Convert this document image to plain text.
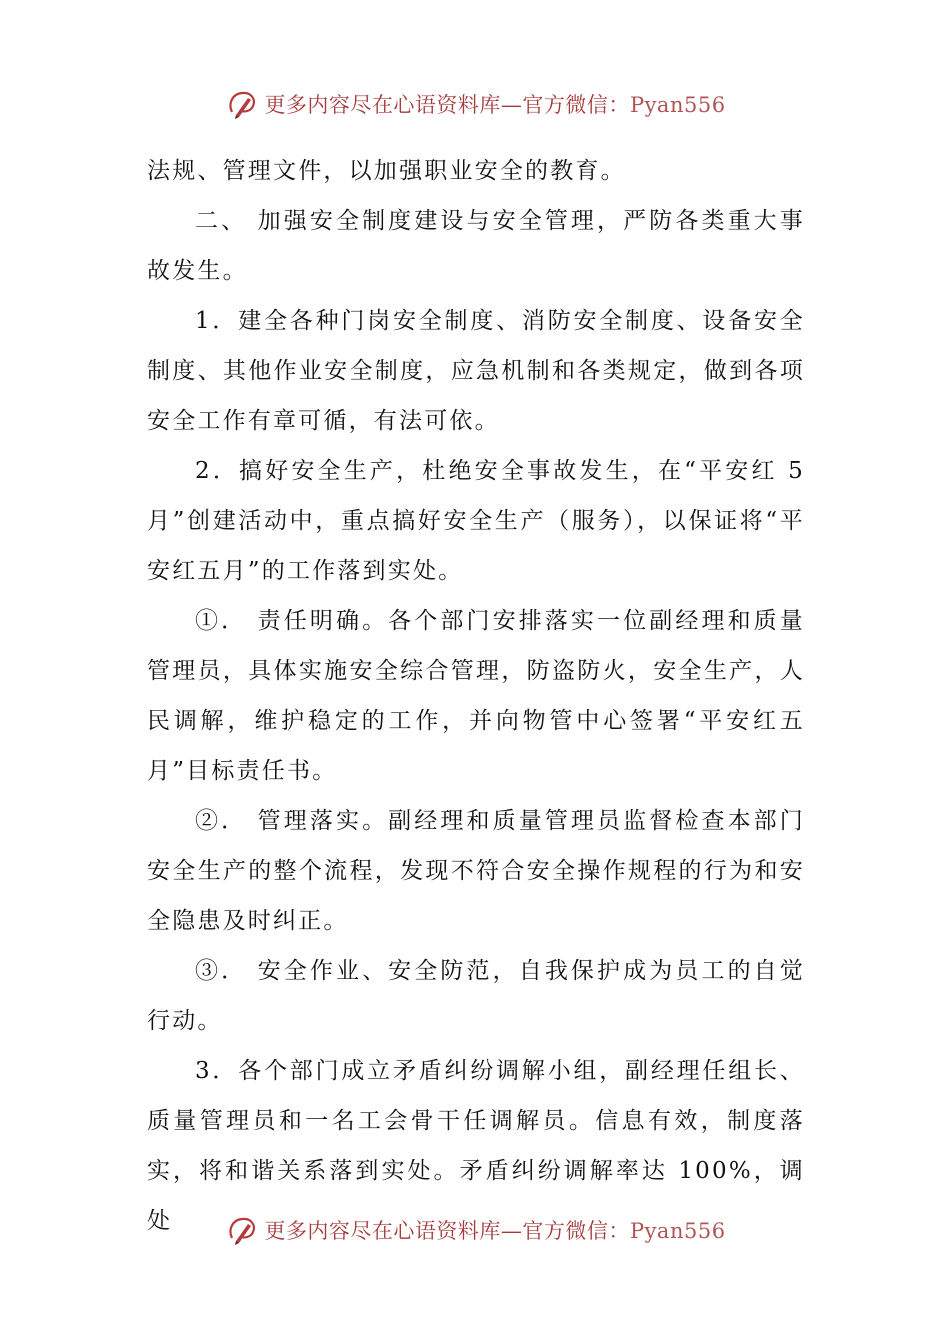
更多内容尽在心语资料库—官方微信：Pyan556

法规、管理文件，以加强职业安全的教育。

二、 加强安全制度建设与安全管理，严防各类重大事故发生。

1．建全各种门岗安全制度、消防安全制度、设备安全制度、其他作业安全制度，应急机制和各类规定，做到各项安全工作有章可循，有法可依。

2．搞好安全生产，杜绝安全事故发生，在“平安红 5 月”创建活动中，重点搞好安全生产（服务），以保证将“平安红五月”的工作落到实处。

①． 责任明确。各个部门安排落实一位副经理和质量管理员，具体实施安全综合管理，防盗防火，安全生产，人民调解，维护稳定的工作，并向物管中心签署“平安红五月”目标责任书。

②． 管理落实。副经理和质量管理员监督检查本部门安全生产的整个流程，发现不符合安全操作规程的行为和安全隐患及时纠正。

③． 安全作业、安全防范，自我保护成为员工的自觉行动。

3．各个部门成立矛盾纠纷调解小组，副经理任组长、质量管理员和一名工会骨干任调解员。信息有效，制度落实，将和谐关系落到实处。矛盾纠纷调解率达 100%，调处	更多内容尽在心语资料库—官方微信：Pyan556
